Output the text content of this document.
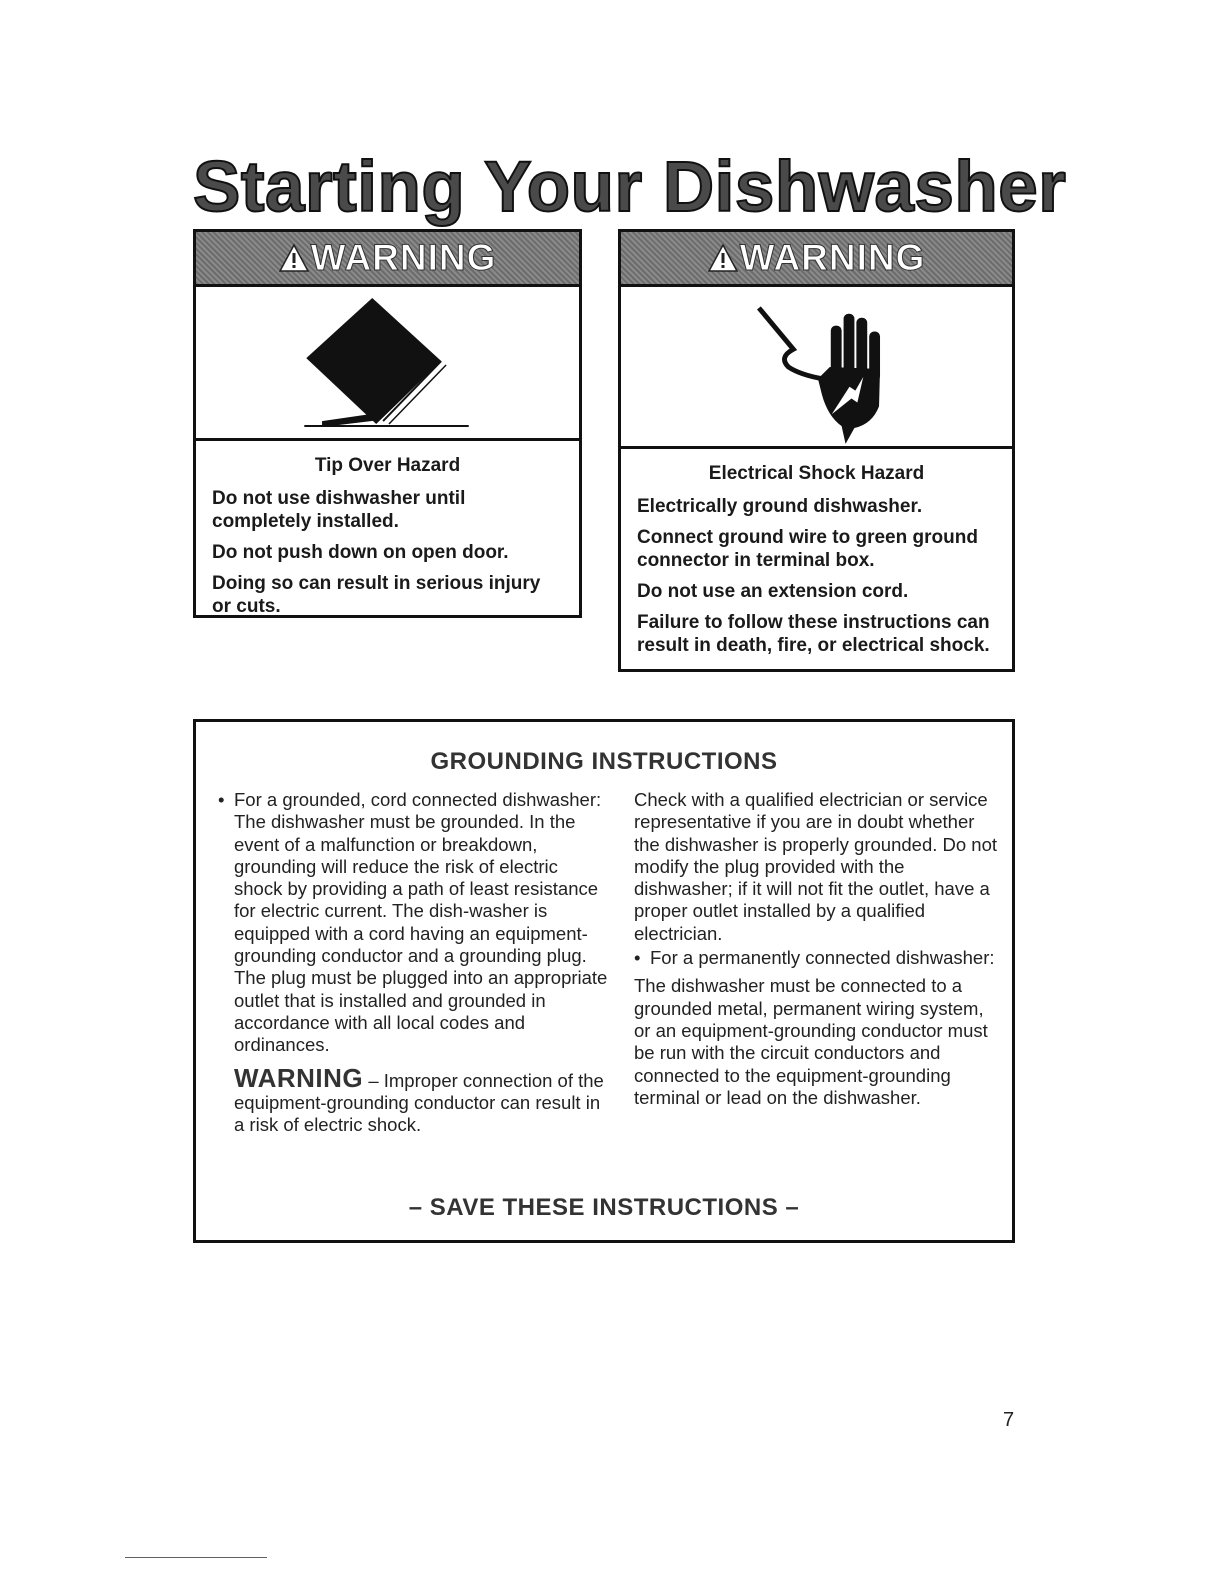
Starting Your Dishwasher
WARNING
Tip Over Hazard

Do not use dishwasher until completely installed.

Do not push down on open door.

Doing so can result in serious injury or cuts.

WARNING
Electrical Shock Hazard

Electrically ground dishwasher.

Connect ground wire to green ground connector in terminal box.

Do not use an extension cord.

Failure to follow these instructions can result in death, fire, or electrical shock.

GROUNDING INSTRUCTIONS
• For a grounded, cord connected dishwasher:
The dishwasher must be grounded. In the event of a malfunction or breakdown, grounding will reduce the risk of electric shock by providing a path of least resistance for electric current. The dish-washer is equipped with a cord having an equipment-grounding conductor and a grounding plug. The plug must be plugged into an appropriate outlet that is installed and grounded in accordance with all local codes and ordinances.
WARNING – Improper connection of the equipment-grounding conductor can result in a risk of electric shock.
Check with a qualified electrician or service representative if you are in doubt whether the dishwasher is properly grounded. Do not modify the plug provided with the dishwasher; if it will not fit the outlet, have a proper outlet installed by a qualified electrician.
• For a permanently connected dishwasher:
The dishwasher must be connected to a grounded metal, permanent wiring system, or an equipment-grounding conductor must be run with the circuit conductors and connected to the equipment-grounding terminal or lead on the dishwasher.

– SAVE THESE INSTRUCTIONS –

7
